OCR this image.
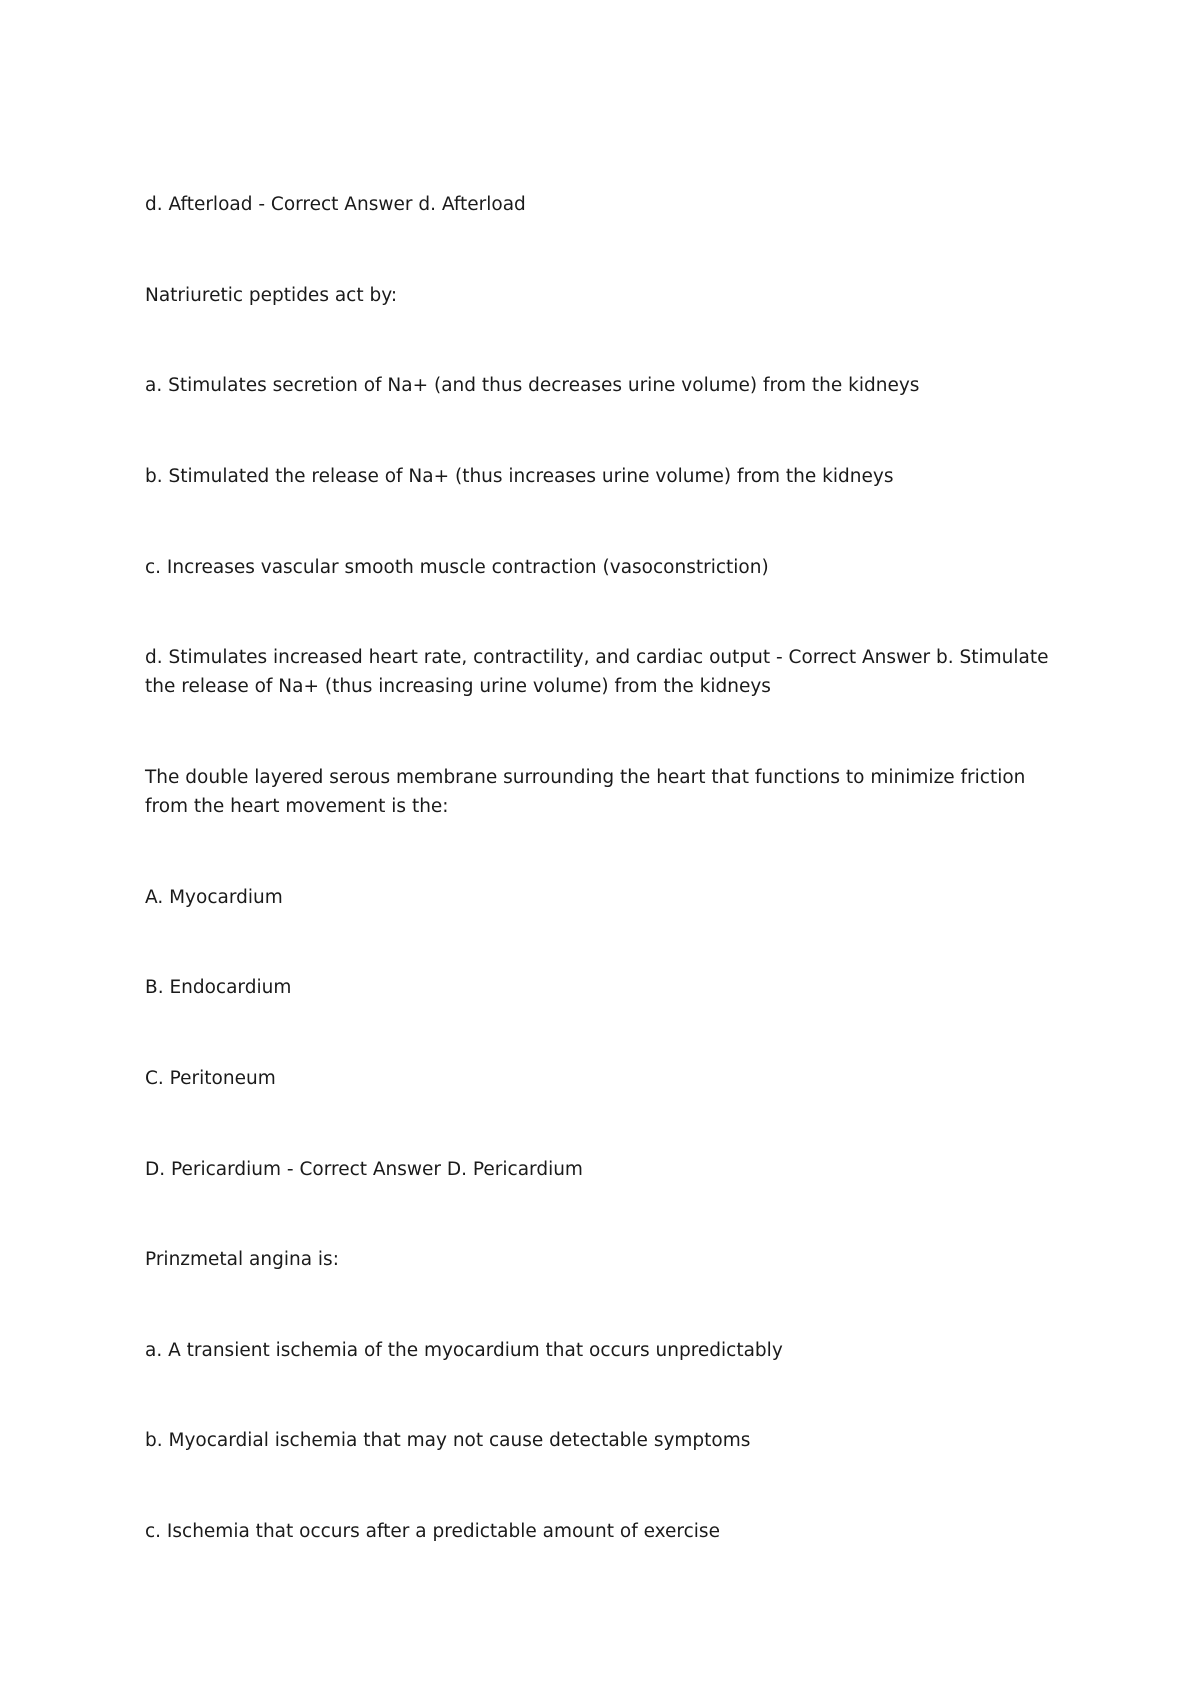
d. Afterload - Correct Answer d. Afterload

Natriuretic peptides act by:

a. Stimulates secretion of Na+ (and thus decreases urine volume) from the kidneys

b. Stimulated the release of Na+ (thus increases urine volume) from the kidneys

c. Increases vascular smooth muscle contraction (vasoconstriction)

d. Stimulates increased heart rate, contractility, and cardiac output - Correct Answer b. Stimulate the release of Na+ (thus increasing urine volume) from the kidneys

The double layered serous membrane surrounding the heart that functions to minimize friction from the heart movement is the:

A. Myocardium

B. Endocardium

C. Peritoneum

D. Pericardium - Correct Answer D. Pericardium

Prinzmetal angina is:

a. A transient ischemia of the myocardium that occurs unpredictably

b. Myocardial ischemia that may not cause detectable symptoms

c. Ischemia that occurs after a predictable amount of exercise
